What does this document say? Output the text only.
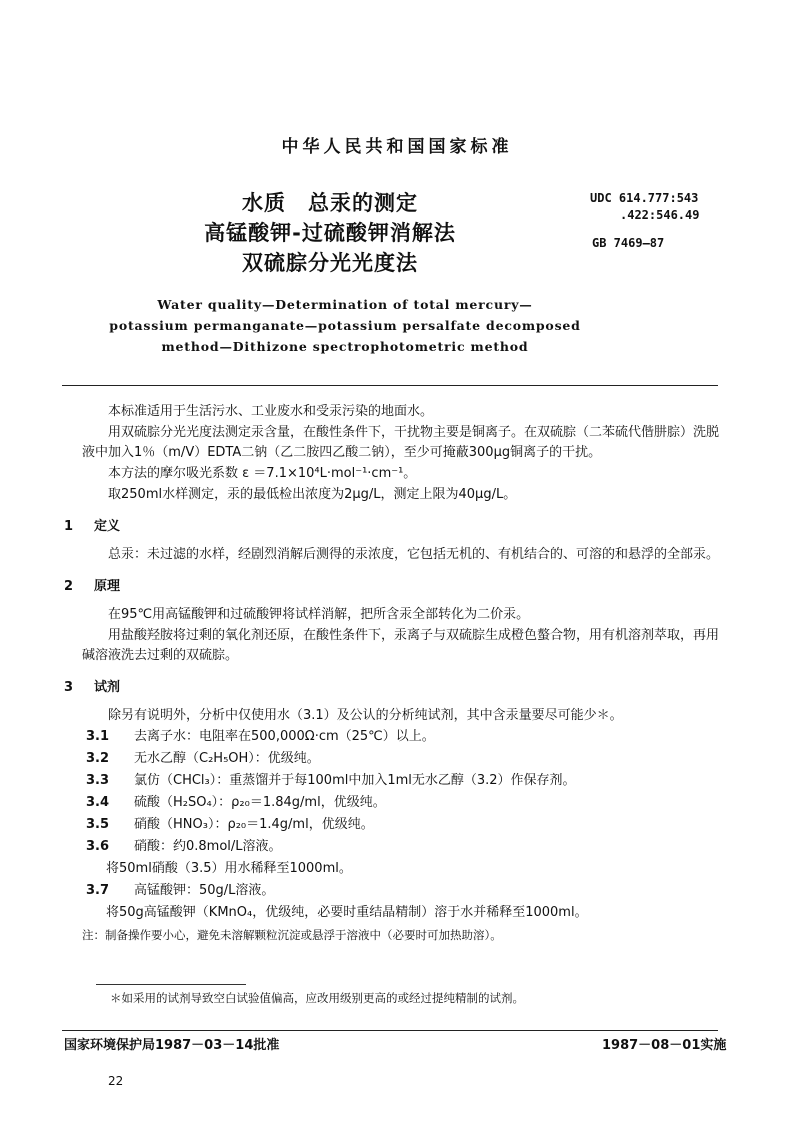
中华人民共和国国家标准
水质　总汞的测定
高锰酸钾-过硫酸钾消解法
双硫腙分光光度法
UDC 614.777:543
.422:546.49
GB 7469—87
Water quality—Determination of total mercury—
potassium permanganate—potassium persalfate decomposed
method—Dithizone spectrophotometric method

本标准适用于生活污水、工业废水和受汞污染的地面水。

用双硫腙分光光度法测定汞含量，在酸性条件下，干扰物主要是铜离子。在双硫腙（二苯硫代偕肼腙）洗脱液中加入1％（m/V）EDTA二钠（乙二胺四乙酸二钠），至少可掩蔽300μg铜离子的干扰。

本方法的摩尔吸光系数 ε ＝7.1×10⁴L·mol⁻¹·cm⁻¹。

取250ml水样测定，汞的最低检出浓度为2μg/L，测定上限为40μg/L。

1 定义

总汞：未过滤的水样，经剧烈消解后测得的汞浓度，它包括无机的、有机结合的、可溶的和悬浮的全部汞。

2 原理

在95℃用高锰酸钾和过硫酸钾将试样消解，把所含汞全部转化为二价汞。

用盐酸羟胺将过剩的氧化剂还原，在酸性条件下，汞离子与双硫腙生成橙色螯合物，用有机溶剂萃取，再用碱溶液洗去过剩的双硫腙。

3 试剂

除另有说明外，分析中仅使用水（3.1）及公认的分析纯试剂，其中含汞量要尽可能少＊。

3.1 去离子水：电阻率在500,000Ω·cm（25℃）以上。
3.2 无水乙醇（C₂H₅OH）：优级纯。
3.3 氯仿（CHCl₃）：重蒸馏并于每100ml中加入1ml无水乙醇（3.2）作保存剂。
3.4 硫酸（H₂SO₄）：ρ₂₀＝1.84g/ml，优级纯。
3.5 硝酸（HNO₃）：ρ₂₀＝1.4g/ml，优级纯。
3.6 硝酸：约0.8mol/L溶液。
将50ml硝酸（3.5）用水稀释至1000ml。
3.7 高锰酸钾：50g/L溶液。
将50g高锰酸钾（KMnO₄，优级纯，必要时重结晶精制）溶于水并稀释至1000ml。
注：制备操作要小心，避免未溶解颗粒沉淀或悬浮于溶液中（必要时可加热助溶）。
＊如采用的试剂导致空白试验值偏高，应改用级别更高的或经过提纯精制的试剂。
国家环境保护局1987－03－14批准	1987－08－01实施
22
